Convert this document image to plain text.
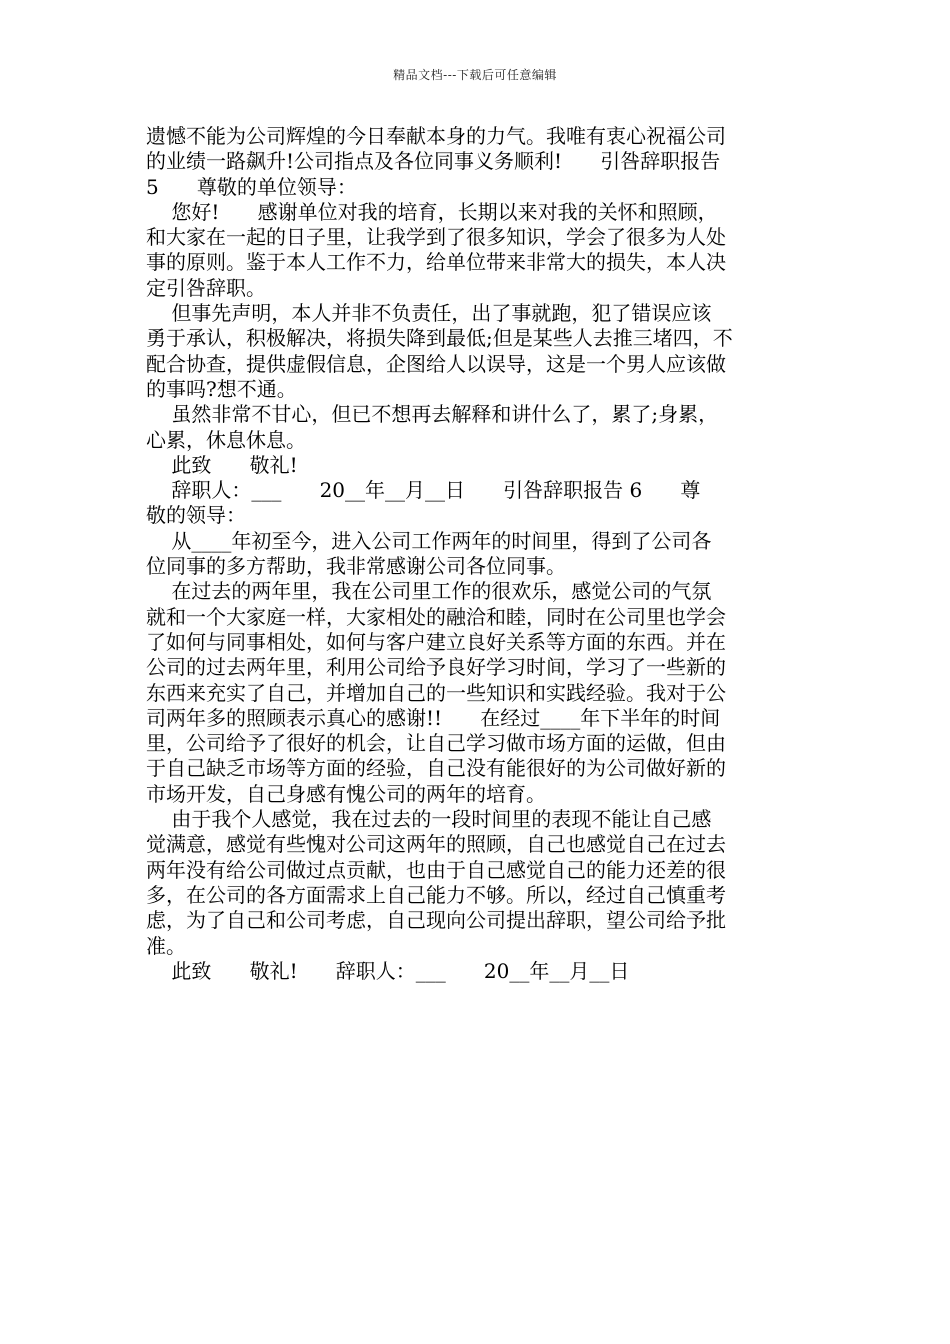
精品文档---下载后可任意编辑
遗憾不能为公司辉煌的今日奉献本身的力气。我唯有衷心祝福公司
的业绩一路飙升!公司指点及各位同事义务顺利!      引咎辞职报告
5      尊敬的单位领导：
您好!      感谢单位对我的培育，长期以来对我的关怀和照顾，
和大家在一起的日子里，让我学到了很多知识，学会了很多为人处
事的原则。鉴于本人工作不力，给单位带来非常大的损失，本人决
定引咎辞职。
但事先声明，本人并非不负责任，出了事就跑，犯了错误应该
勇于承认，积极解决，将损失降到最低;但是某些人去推三堵四，不
配合协查，提供虚假信息，企图给人以误导，这是一个男人应该做
的事吗?想不通。
虽然非常不甘心，但已不想再去解释和讲什么了，累了;身累，
心累，休息休息。
此致      敬礼!
辞职人：___      20__年__月__日      引咎辞职报告 6      尊
敬的领导：
从____年初至今，进入公司工作两年的时间里，得到了公司各
位同事的多方帮助，我非常感谢公司各位同事。
在过去的两年里，我在公司里工作的很欢乐，感觉公司的气氛
就和一个大家庭一样，大家相处的融洽和睦，同时在公司里也学会
了如何与同事相处，如何与客户建立良好关系等方面的东西。并在
公司的过去两年里，利用公司给予良好学习时间，学习了一些新的
东西来充实了自己，并增加自己的一些知识和实践经验。我对于公
司两年多的照顾表示真心的感谢!!      在经过____年下半年的时间
里，公司给予了很好的机会，让自己学习做市场方面的运做，但由
于自己缺乏市场等方面的经验，自己没有能很好的为公司做好新的
市场开发，自己身感有愧公司的两年的培育。
由于我个人感觉，我在过去的一段时间里的表现不能让自己感
觉满意，感觉有些愧对公司这两年的照顾，自己也感觉自己在过去
两年没有给公司做过点贡献，也由于自己感觉自己的能力还差的很
多，在公司的各方面需求上自己能力不够。所以，经过自己慎重考
虑，为了自己和公司考虑，自己现向公司提出辞职，望公司给予批
准。
此致      敬礼!      辞职人：___      20__年__月__日
